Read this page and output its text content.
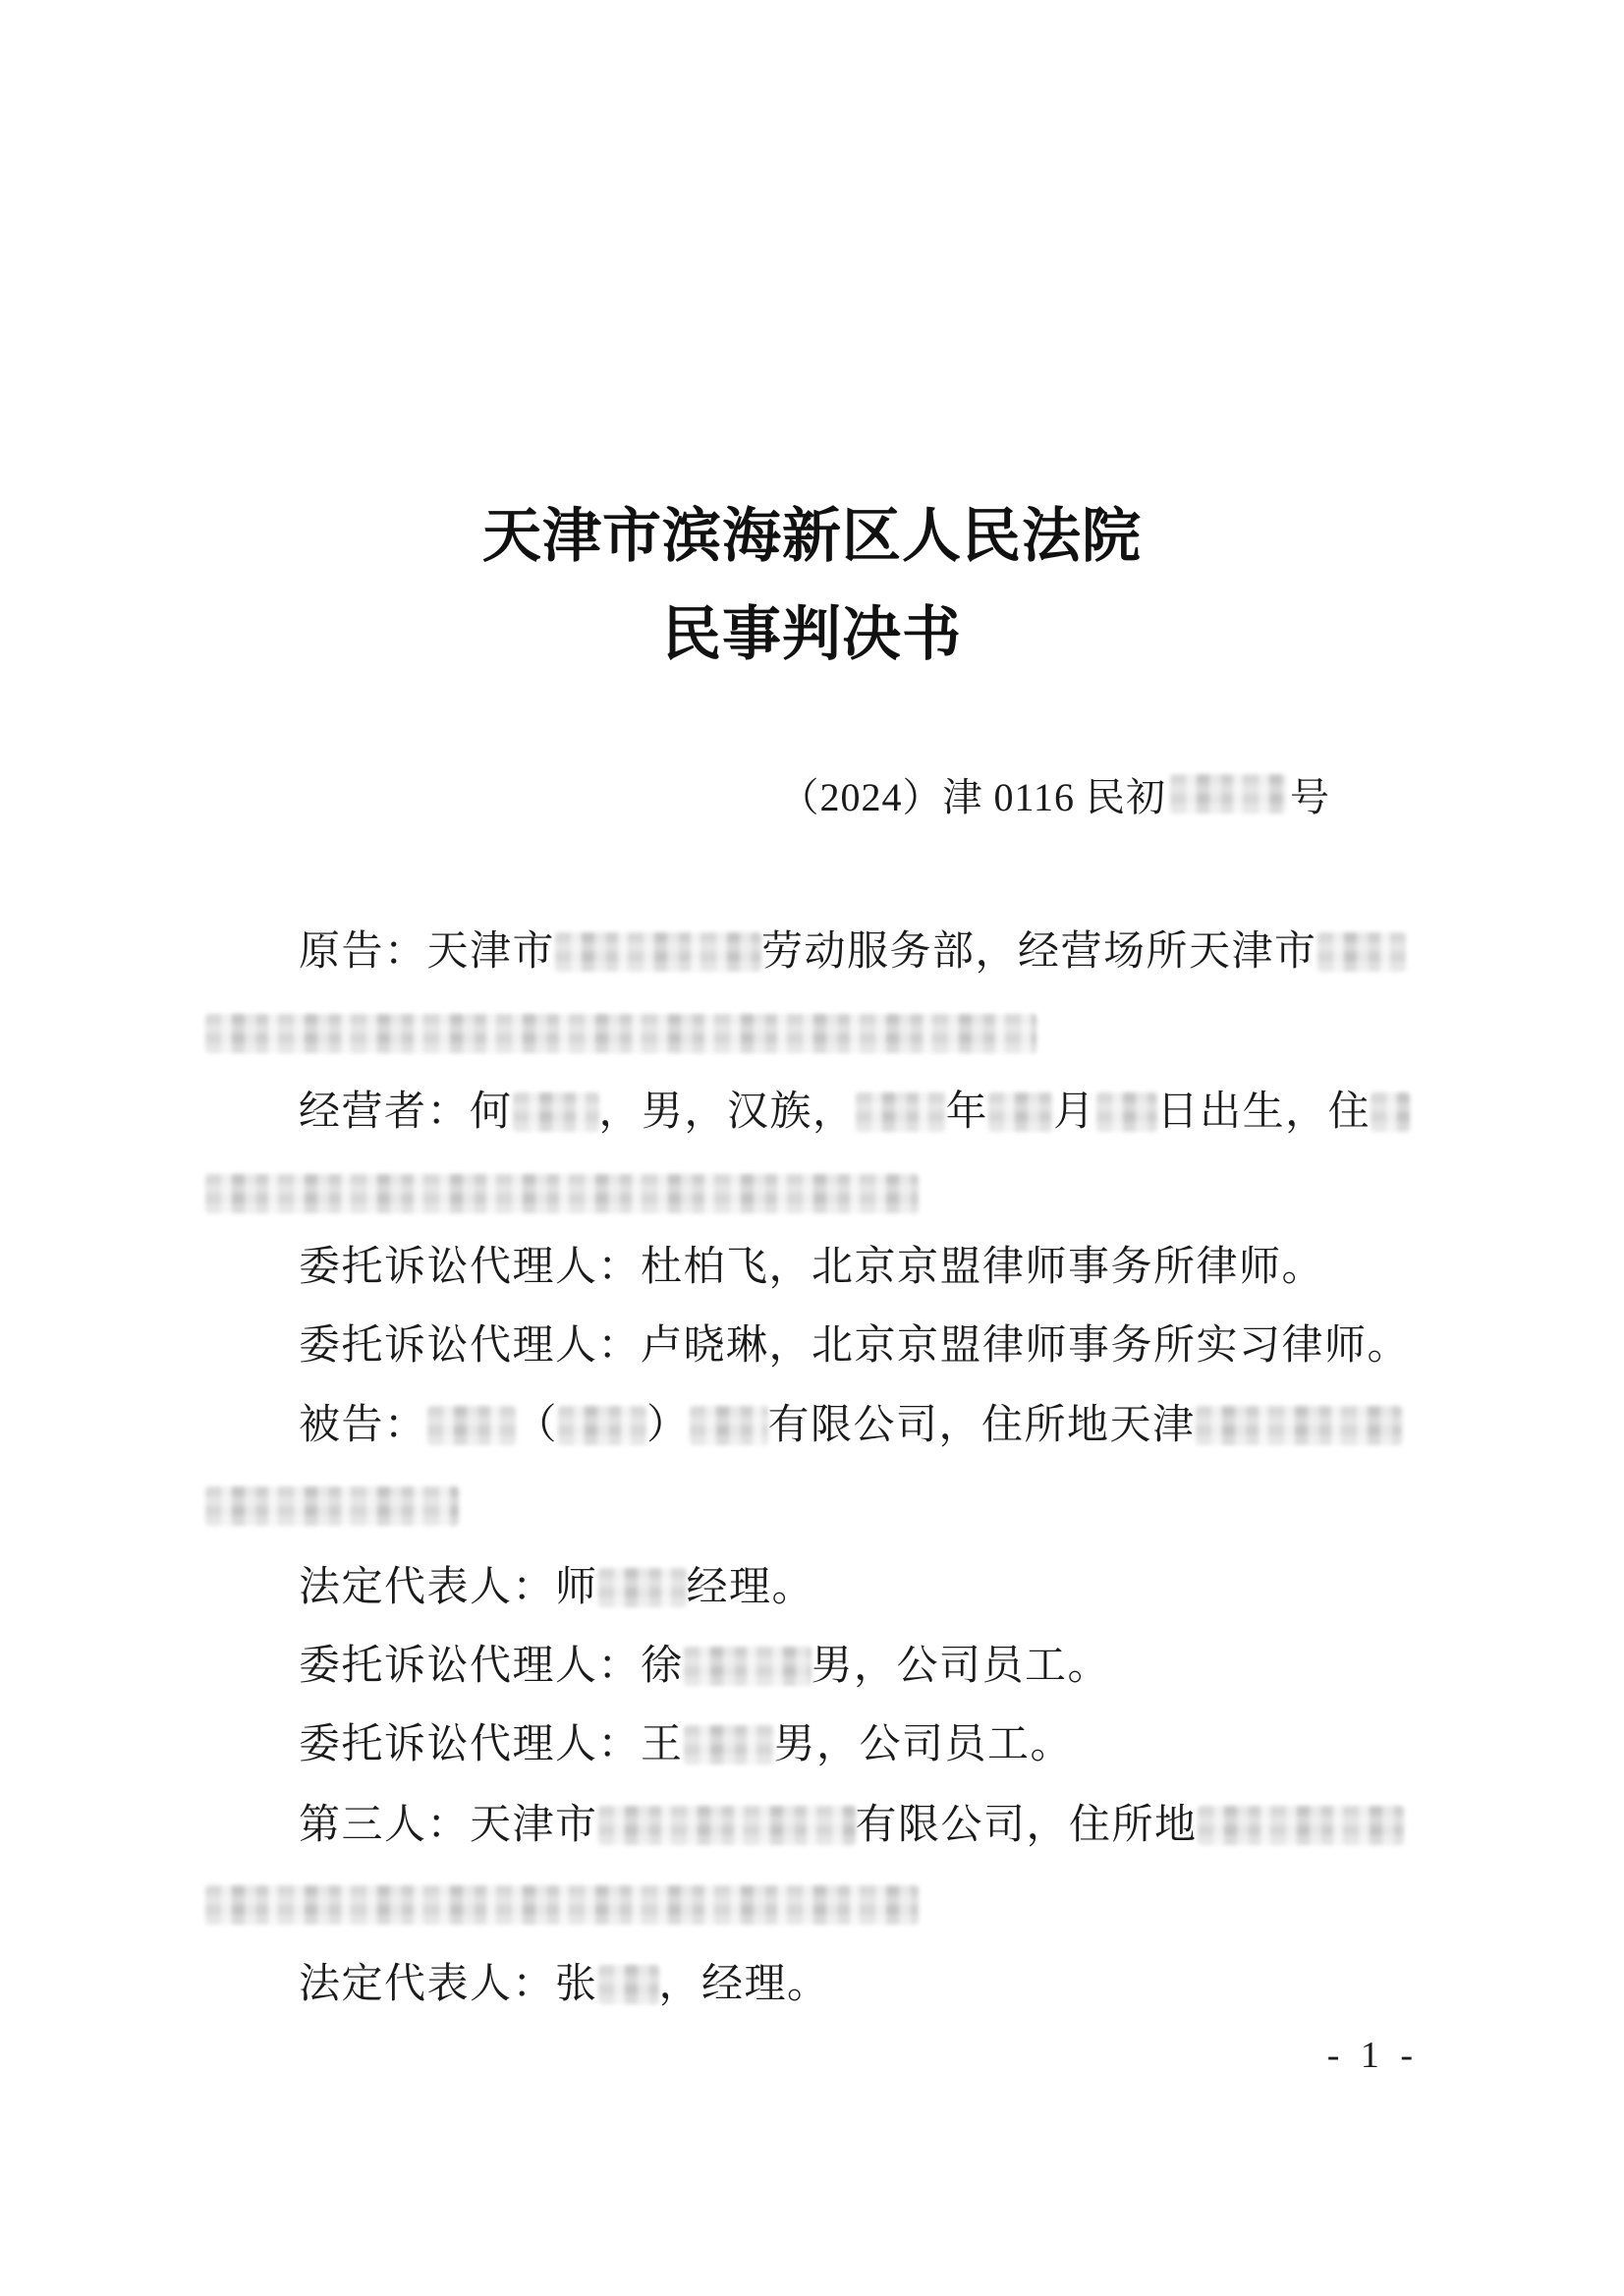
天津市滨海新区人民法院
民事判决书
（2024）津 0116 民初	号
原告：天津市	劳动服务部，经营场所天津市
经营者：何 ，男，汉族， 年 月 日出生，住
委托诉讼代理人：杜柏飞，北京京盟律师事务所律师。
委托诉讼代理人：卢晓琳，北京京盟律师事务所实习律师。
被告： （ ） 有限公司，住所地天津
法定代表人：师 经理。
委托诉讼代理人：徐	男，公司员工。
委托诉讼代理人：王 男，公司员工。
第三人：天津市	有限公司，住所地
法定代表人：张 ，经理。
- 1 -
